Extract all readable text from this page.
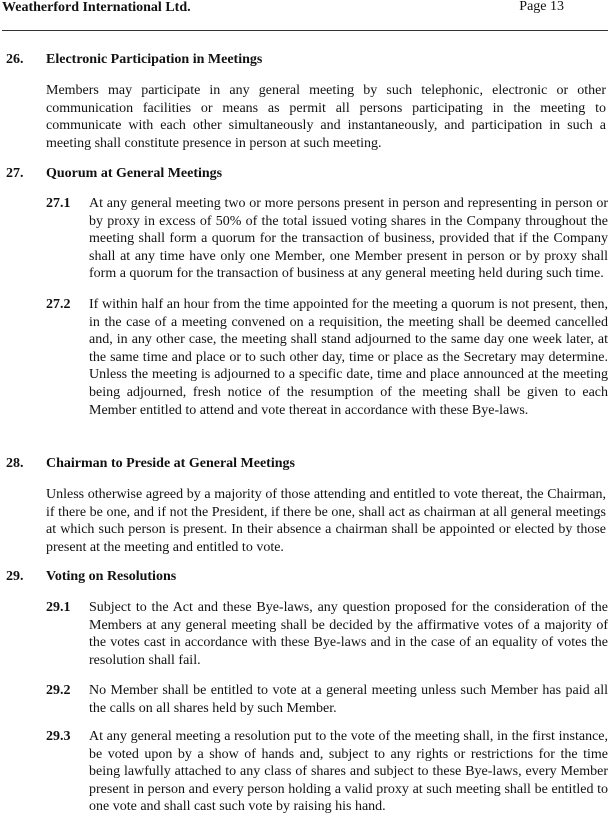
Weatherford International Ltd.	Page 13
26. Electronic Participation in Meetings
Members may participate in any general meeting by such telephonic, electronic or other communication facilities or means as permit all persons participating in the meeting to communicate with each other simultaneously and instantaneously, and participation in such a meeting shall constitute presence in person at such meeting.
27. Quorum at General Meetings
27.1 At any general meeting two or more persons present in person and representing in person or by proxy in excess of 50% of the total issued voting shares in the Company throughout the meeting shall form a quorum for the transaction of business, provided that if the Company shall at any time have only one Member, one Member present in person or by proxy shall form a quorum for the transaction of business at any general meeting held during such time.
27.2 If within half an hour from the time appointed for the meeting a quorum is not present, then, in the case of a meeting convened on a requisition, the meeting shall be deemed cancelled and, in any other case, the meeting shall stand adjourned to the same day one week later, at the same time and place or to such other day, time or place as the Secretary may determine. Unless the meeting is adjourned to a specific date, time and place announced at the meeting being adjourned, fresh notice of the resumption of the meeting shall be given to each Member entitled to attend and vote thereat in accordance with these Bye-laws.
28. Chairman to Preside at General Meetings
Unless otherwise agreed by a majority of those attending and entitled to vote thereat, the Chairman, if there be one, and if not the President, if there be one, shall act as chairman at all general meetings at which such person is present. In their absence a chairman shall be appointed or elected by those present at the meeting and entitled to vote.
29. Voting on Resolutions
29.1 Subject to the Act and these Bye-laws, any question proposed for the consideration of the Members at any general meeting shall be decided by the affirmative votes of a majority of the votes cast in accordance with these Bye-laws and in the case of an equality of votes the resolution shall fail.
29.2 No Member shall be entitled to vote at a general meeting unless such Member has paid all the calls on all shares held by such Member.
29.3 At any general meeting a resolution put to the vote of the meeting shall, in the first instance, be voted upon by a show of hands and, subject to any rights or restrictions for the time being lawfully attached to any class of shares and subject to these Bye-laws, every Member present in person and every person holding a valid proxy at such meeting shall be entitled to one vote and shall cast such vote by raising his hand.
